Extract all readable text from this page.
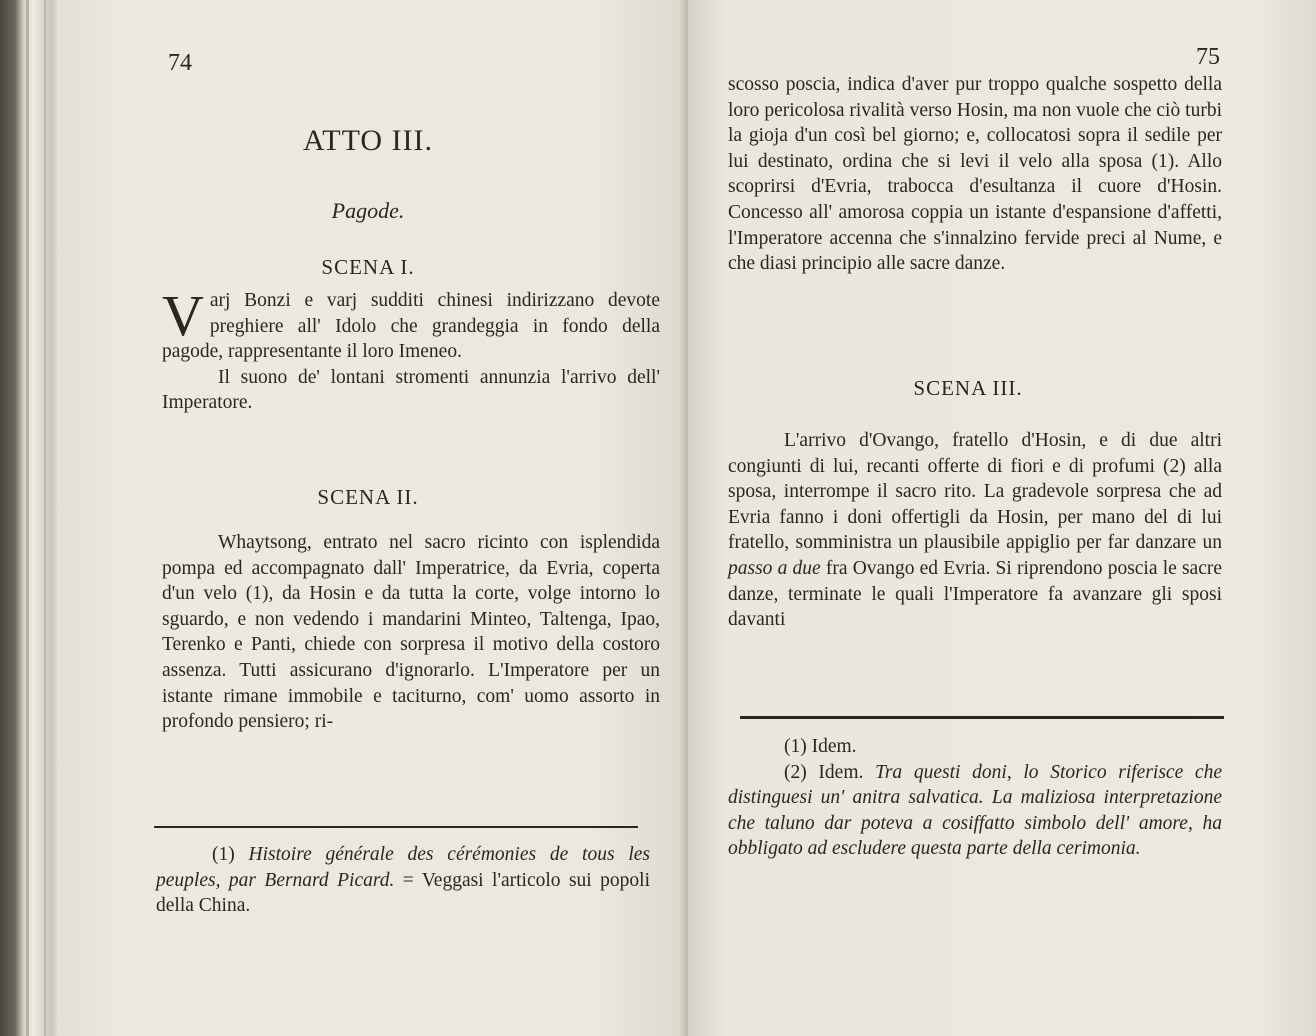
74
ATTO III.
Pagode.
SCENA I.

Varj Bonzi e varj sudditi chinesi indirizzano devote preghiere all' Idolo che grandeggia in fondo della pagode, rappresentante il loro Imeneo.

Il suono de' lontani stromenti annunzia l'arrivo dell' Imperatore.

SCENA II.

Whaytsong, entrato nel sacro ricinto con isplendida pompa ed accompagnato dall' Imperatrice, da Evria, coperta d'un velo (1), da Hosin e da tutta la corte, volge intorno lo sguardo, e non vedendo i mandarini Minteo, Taltenga, Ipao, Terenko e Panti, chiede con sorpresa il motivo della costoro assenza. Tutti assicurano d'ignorarlo. L'Imperatore per un istante rimane immobile e taciturno, com' uomo assorto in profondo pensiero; ri-

(1) Histoire générale des cérémonies de tous les peuples, par Bernard Picard. = Veggasi l'articolo sui popoli della China.

75

scosso poscia, indica d'aver pur troppo qualche sospetto della loro pericolosa rivalità verso Hosin, ma non vuole che ciò turbi la gioja d'un così bel giorno; e, collocatosi sopra il sedile per lui destinato, ordina che si levi il velo alla sposa (1). Allo scoprirsi d'Evria, trabocca d'esultanza il cuore d'Hosin. Concesso all' amorosa coppia un istante d'espansione d'affetti, l'Imperatore accenna che s'innalzino fervide preci al Nume, e che diasi principio alle sacre danze.

SCENA III.

L'arrivo d'Ovango, fratello d'Hosin, e di due altri congiunti di lui, recanti offerte di fiori e di profumi (2) alla sposa, interrompe il sacro rito. La gradevole sorpresa che ad Evria fanno i doni offertigli da Hosin, per mano del di lui fratello, somministra un plausibile appiglio per far danzare un passo a due fra Ovango ed Evria. Si riprendono poscia le sacre danze, terminate le quali l'Imperatore fa avanzare gli sposi davanti

(1) Idem.

(2) Idem. Tra questi doni, lo Storico riferisce che distinguesi un' anitra salvatica. La maliziosa interpretazione che taluno dar poteva a cosiffatto simbolo dell' amore, ha obbligato ad escludere questa parte della cerimonia.
